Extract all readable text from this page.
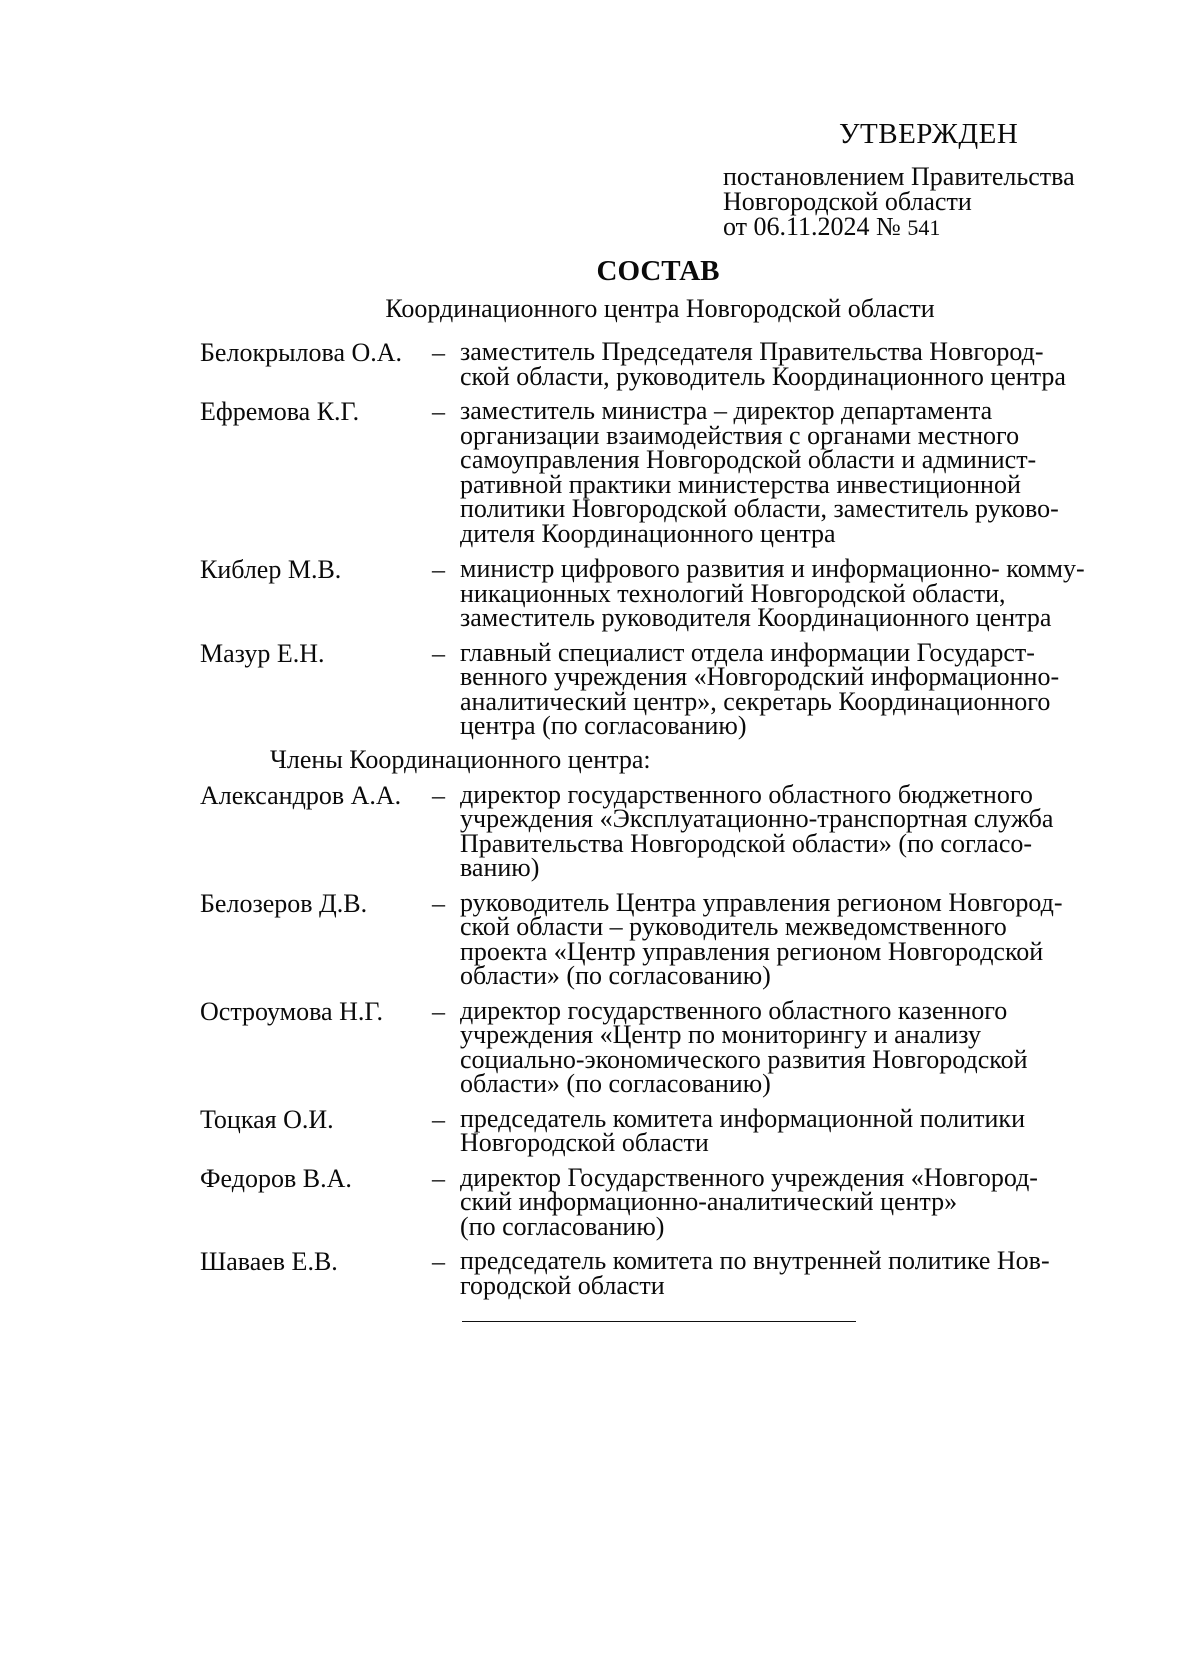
УТВЕРЖДЕН
постановлением Правительства
Новгородской области
от 06.11.2024 № 541
СОСТАВ
Координационного центра Новгородской области
Белокрылова О.А.	– заместитель Председателя Правительства Новгород-
ской области, руководитель Координационного центра
Ефремова К.Г.	– заместитель министра – директор департамента
организации взаимодействия с органами местного
самоуправления Новгородской области и админист-
ративной практики министерства инвестиционной
политики Новгородской области, заместитель руково-
дителя Координационного центра
Киблер М.В.	– министр цифрового развития и информационно- комму-
никационных технологий Новгородской области,
заместитель руководителя Координационного центра
Мазур Е.Н.	– главный специалист отдела информации Государст-
венного учреждения «Новгородский информационно-
аналитический центр», секретарь Координационного
центра (по согласованию)
Члены Координационного центра:
Александров А.А.	– директор государственного областного бюджетного
учреждения «Эксплуатационно-транспортная служба
Правительства Новгородской области» (по согласо-
ванию)
Белозеров Д.В.	– руководитель Центра управления регионом Новгород-
ской области – руководитель межведомственного
проекта «Центр управления регионом Новгородской
области» (по согласованию)
Остроумова Н.Г.	– директор государственного областного казенного
учреждения «Центр по мониторингу и анализу
социально-экономического развития Новгородской
области» (по согласованию)
Тоцкая О.И.	– председатель комитета информационной политики
Новгородской области
Федоров В.А.	– директор Государственного учреждения «Новгород-
ский информационно-аналитический центр»
(по согласованию)
Шаваев Е.В.	– председатель комитета по внутренней политике Нов-
городской области
